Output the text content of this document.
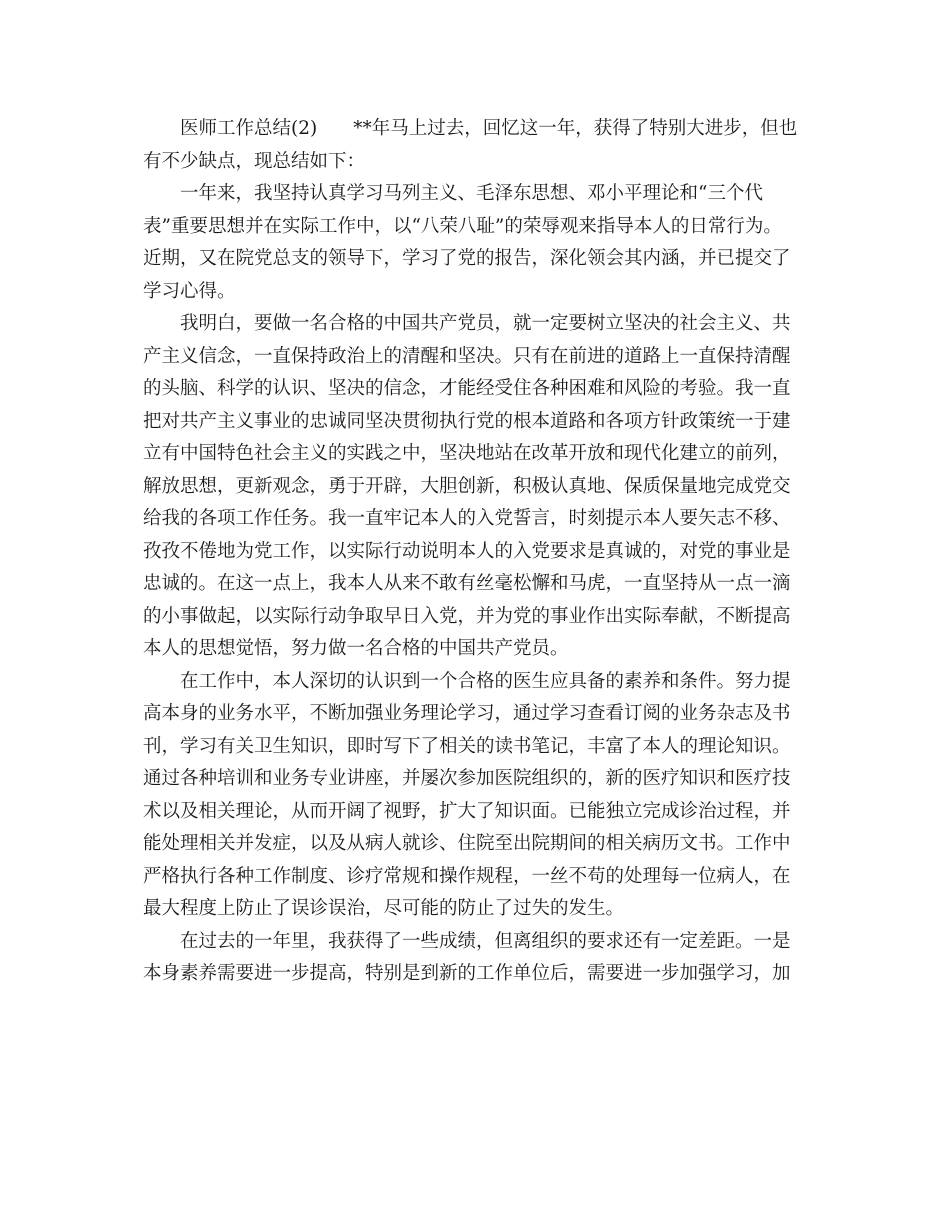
医师工作总结(2) **年马上过去，回忆这一年，获得了特别大进步，但也
有不少缺点，现总结如下：
一年来，我坚持认真学习马列主义、毛泽东思想、邓小平理论和“三个代
表”重要思想并在实际工作中，以“八荣八耻”的荣辱观来指导本人的日常行为。
近期，又在院党总支的领导下，学习了党的报告，深化领会其内涵，并已提交了
学习心得。
我明白，要做一名合格的中国共产党员，就一定要树立坚决的社会主义、共
产主义信念，一直保持政治上的清醒和坚决。只有在前进的道路上一直保持清醒
的头脑、科学的认识、坚决的信念，才能经受住各种困难和风险的考验。我一直
把对共产主义事业的忠诚同坚决贯彻执行党的根本道路和各项方针政策统一于建
立有中国特色社会主义的实践之中，坚决地站在改革开放和现代化建立的前列，
解放思想，更新观念，勇于开辟，大胆创新，积极认真地、保质保量地完成党交
给我的各项工作任务。我一直牢记本人的入党誓言，时刻提示本人要矢志不移、
孜孜不倦地为党工作，以实际行动说明本人的入党要求是真诚的，对党的事业是
忠诚的。在这一点上，我本人从来不敢有丝毫松懈和马虎，一直坚持从一点一滴
的小事做起，以实际行动争取早日入党，并为党的事业作出实际奉献，不断提高
本人的思想觉悟，努力做一名合格的中国共产党员。
在工作中，本人深切的认识到一个合格的医生应具备的素养和条件。努力提
高本身的业务水平，不断加强业务理论学习，通过学习查看订阅的业务杂志及书
刊，学习有关卫生知识，即时写下了相关的读书笔记，丰富了本人的理论知识。
通过各种培训和业务专业讲座，并屡次参加医院组织的，新的医疗知识和医疗技
术以及相关理论，从而开阔了视野，扩大了知识面。已能独立完成诊治过程，并
能处理相关并发症，以及从病人就诊、住院至出院期间的相关病历文书。工作中
严格执行各种工作制度、诊疗常规和操作规程，一丝不苟的处理每一位病人，在
最大程度上防止了误诊误治，尽可能的防止了过失的发生。
在过去的一年里，我获得了一些成绩，但离组织的要求还有一定差距。一是
本身素养需要进一步提高，特别是到新的工作单位后，需要进一步加强学习，加
